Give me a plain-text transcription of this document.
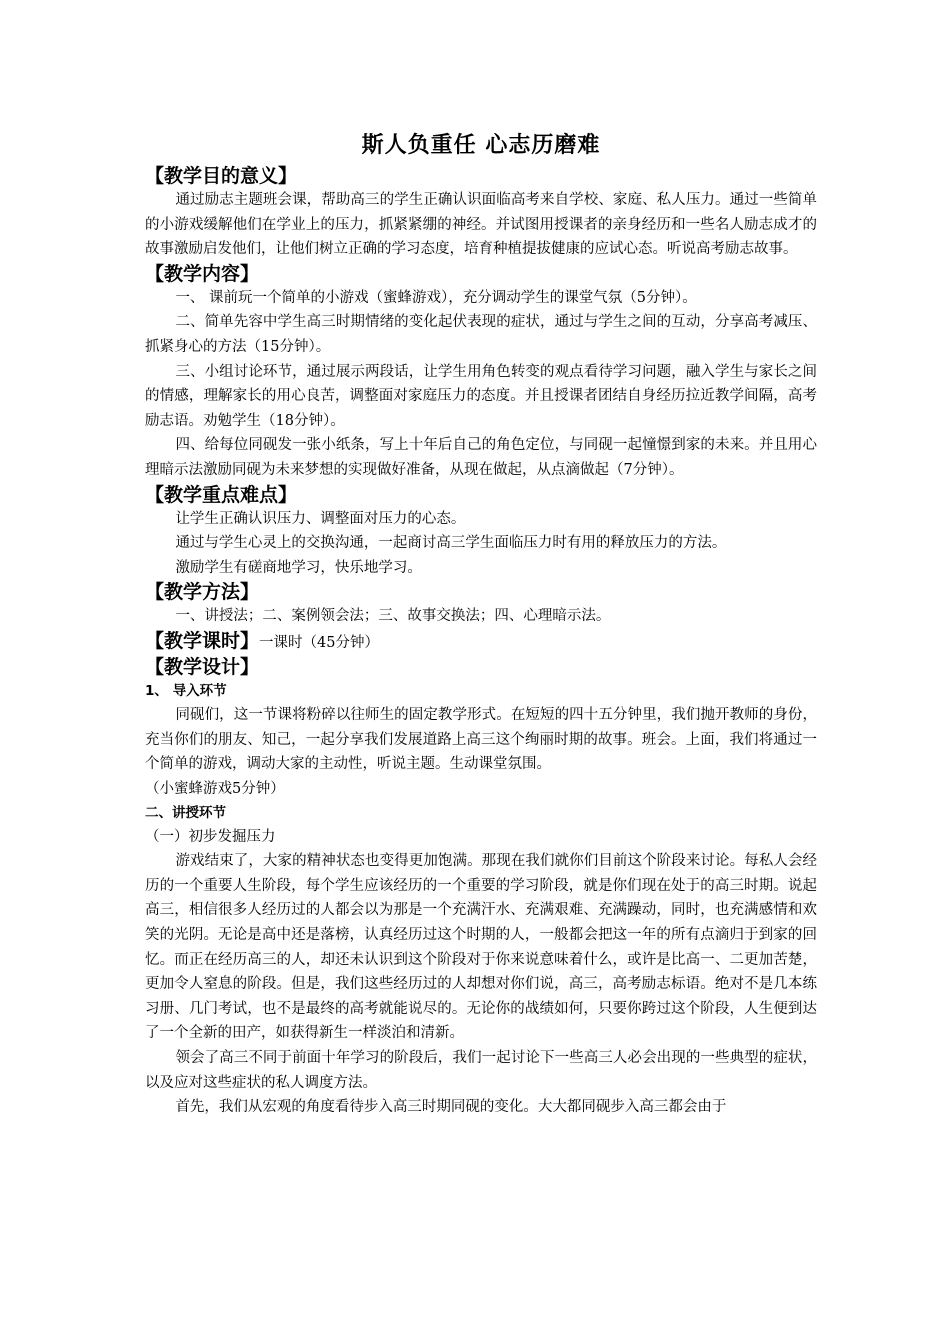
斯人负重任 心志历磨难
【教学目的意义】

通过励志主题班会课，帮助高三的学生正确认识面临高考来自学校、家庭、私人压力。通过一些简单的小游戏缓解他们在学业上的压力，抓紧紧绷的神经。并试图用授课者的亲身经历和一些名人励志成才的故事激励启发他们，让他们树立正确的学习态度，培育种植提拔健康的应试心态。听说高考励志故事。

【教学内容】

一、 课前玩一个简单的小游戏（蜜蜂游戏），充分调动学生的课堂气氛（5分钟）。

二、简单先容中学生高三时期情绪的变化起伏表现的症状，通过与学生之间的互动，分享高考减压、抓紧身心的方法（15分钟）。

三、小组讨论环节，通过展示两段话，让学生用角色转变的观点看待学习问题，融入学生与家长之间的情感，理解家长的用心良苦，调整面对家庭压力的态度。并且授课者团结自身经历拉近教学间隔，高考励志语。劝勉学生（18分钟）。

四、给每位同砚发一张小纸条，写上十年后自己的角色定位，与同砚一起憧憬到家的未来。并且用心理暗示法激励同砚为未来梦想的实现做好准备，从现在做起，从点滴做起（7分钟）。

【教学重点难点】

让学生正确认识压力、调整面对压力的心态。

通过与学生心灵上的交换沟通，一起商讨高三学生面临压力时有用的释放压力的方法。

激励学生有磋商地学习，快乐地学习。

【教学方法】

一、讲授法；二、案例领会法；三、故事交换法；四、心理暗示法。

【教学课时】一课时（45分钟）
【教学设计】
1、 导入环节

同砚们，这一节课将粉碎以往师生的固定教学形式。在短短的四十五分钟里，我们抛开教师的身份，充当你们的朋友、知己，一起分享我们发展道路上高三这个绚丽时期的故事。班会。上面，我们将通过一个简单的游戏，调动大家的主动性，听说主题。生动课堂氛围。

（小蜜蜂游戏5分钟）

二、讲授环节
（一）初步发掘压力

游戏结束了，大家的精神状态也变得更加饱满。那现在我们就你们目前这个阶段来讨论。每私人会经历的一个重要人生阶段，每个学生应该经历的一个重要的学习阶段，就是你们现在处于的高三时期。说起高三，相信很多人经历过的人都会以为那是一个充满汗水、充满艰难、充满躁动，同时，也充满感情和欢笑的光阴。无论是高中还是落榜，认真经历过这个时期的人，一般都会把这一年的所有点滴归于到家的回忆。而正在经历高三的人，却还未认识到这个阶段对于你来说意味着什么，或许是比高一、二更加苦楚，更加令人窒息的阶段。但是，我们这些经历过的人却想对你们说，高三，高考励志标语。绝对不是几本练习册、几门考试，也不是最终的高考就能说尽的。无论你的战绩如何，只要你跨过这个阶段，人生便到达了一个全新的田产，如获得新生一样淡泊和清新。

领会了高三不同于前面十年学习的阶段后，我们一起讨论下一些高三人必会出现的一些典型的症状，以及应对这些症状的私人调度方法。

首先，我们从宏观的角度看待步入高三时期同砚的变化。大大都同砚步入高三都会由于
